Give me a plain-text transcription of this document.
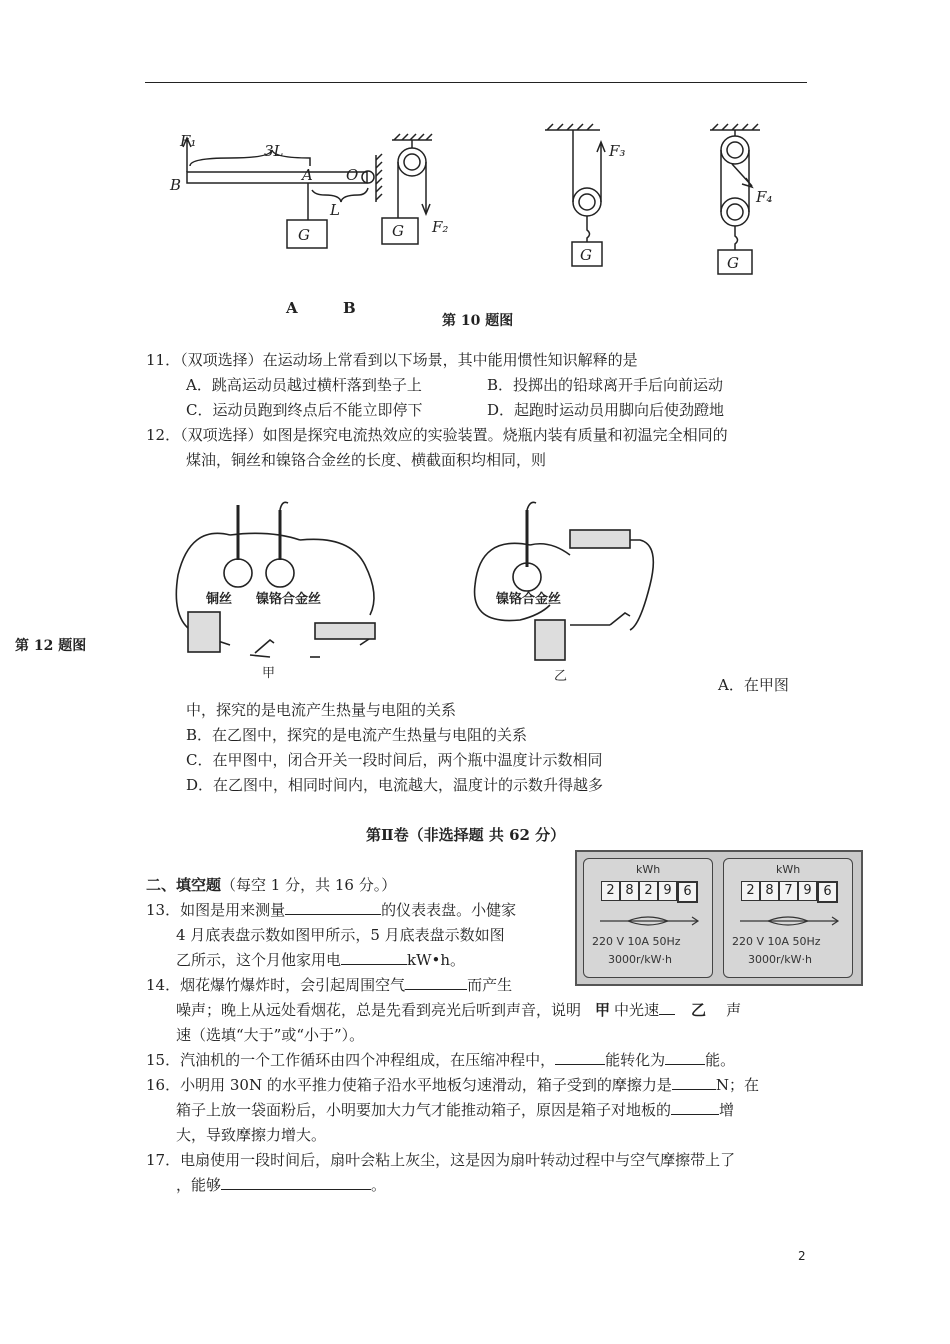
F₁
B
3L
A O
L
G	G F₂
F₃
G
F₄
G
A	B
第 10 题图
11．（双项选择）在运动场上常看到以下场景，其中能用惯性知识解释的是
A．跳高运动员越过横杆落到垫子上	B．投掷出的铅球离开手后向前运动
C．运动员跑到终点后不能立即停下	D．起跑时运动员用脚向后使劲蹬地
12．（双项选择）如图是探究电流热效应的实验装置。烧瓶内装有质量和初温完全相同的
煤油，铜丝和镍铬合金丝的长度、横截面积均相同，则
铜丝 镍铬合金丝
甲
镍铬合金丝
乙
第 12 题图
A．在甲图
中，探究的是电流产生热量与电阻的关系
B．在乙图中，探究的是电流产生热量与电阻的关系
C．在甲图中，闭合开关一段时间后，两个瓶中温度计示数相同
D．在乙图中，相同时间内，电流越大，温度计的示数升得越多
第Ⅱ卷（非选择题 共 62 分）
二、填空题（每空 1 分，共 16 分。）
kWh
2 8 2 9 6
220 V 10A 50Hz
3000r/kW·h
kWh
2 8 7 9 6
220 V 10A 50Hz
3000r/kW·h
13．如图是用来测量	的仪表表盘。小健家
4 月底表盘示数如图甲所示，5 月底表盘示数如图
乙所示，这个月他家用电	kW•h。
14．烟花爆竹爆炸时，会引起周围空气	而产生
噪声；晚上从远处看烟花，总是先看到亮光后听到声音，说明 甲 中光速 乙 声
速（选填“大于”或“小于”）。
15．汽油机的一个工作循环由四个冲程组成，在压缩冲程中，	能转化为	能。
16．小明用 30N 的水平推力使箱子沿水平地板匀速滑动，箱子受到的摩擦力是	N；在
箱子上放一袋面粉后，小明要加大力气才能推动箱子，原因是箱子对地板的	增
大，导致摩擦力增大。
17．电扇使用一段时间后，扇叶会粘上灰尘，这是因为扇叶转动过程中与空气摩擦带上了
，能够	。
2
